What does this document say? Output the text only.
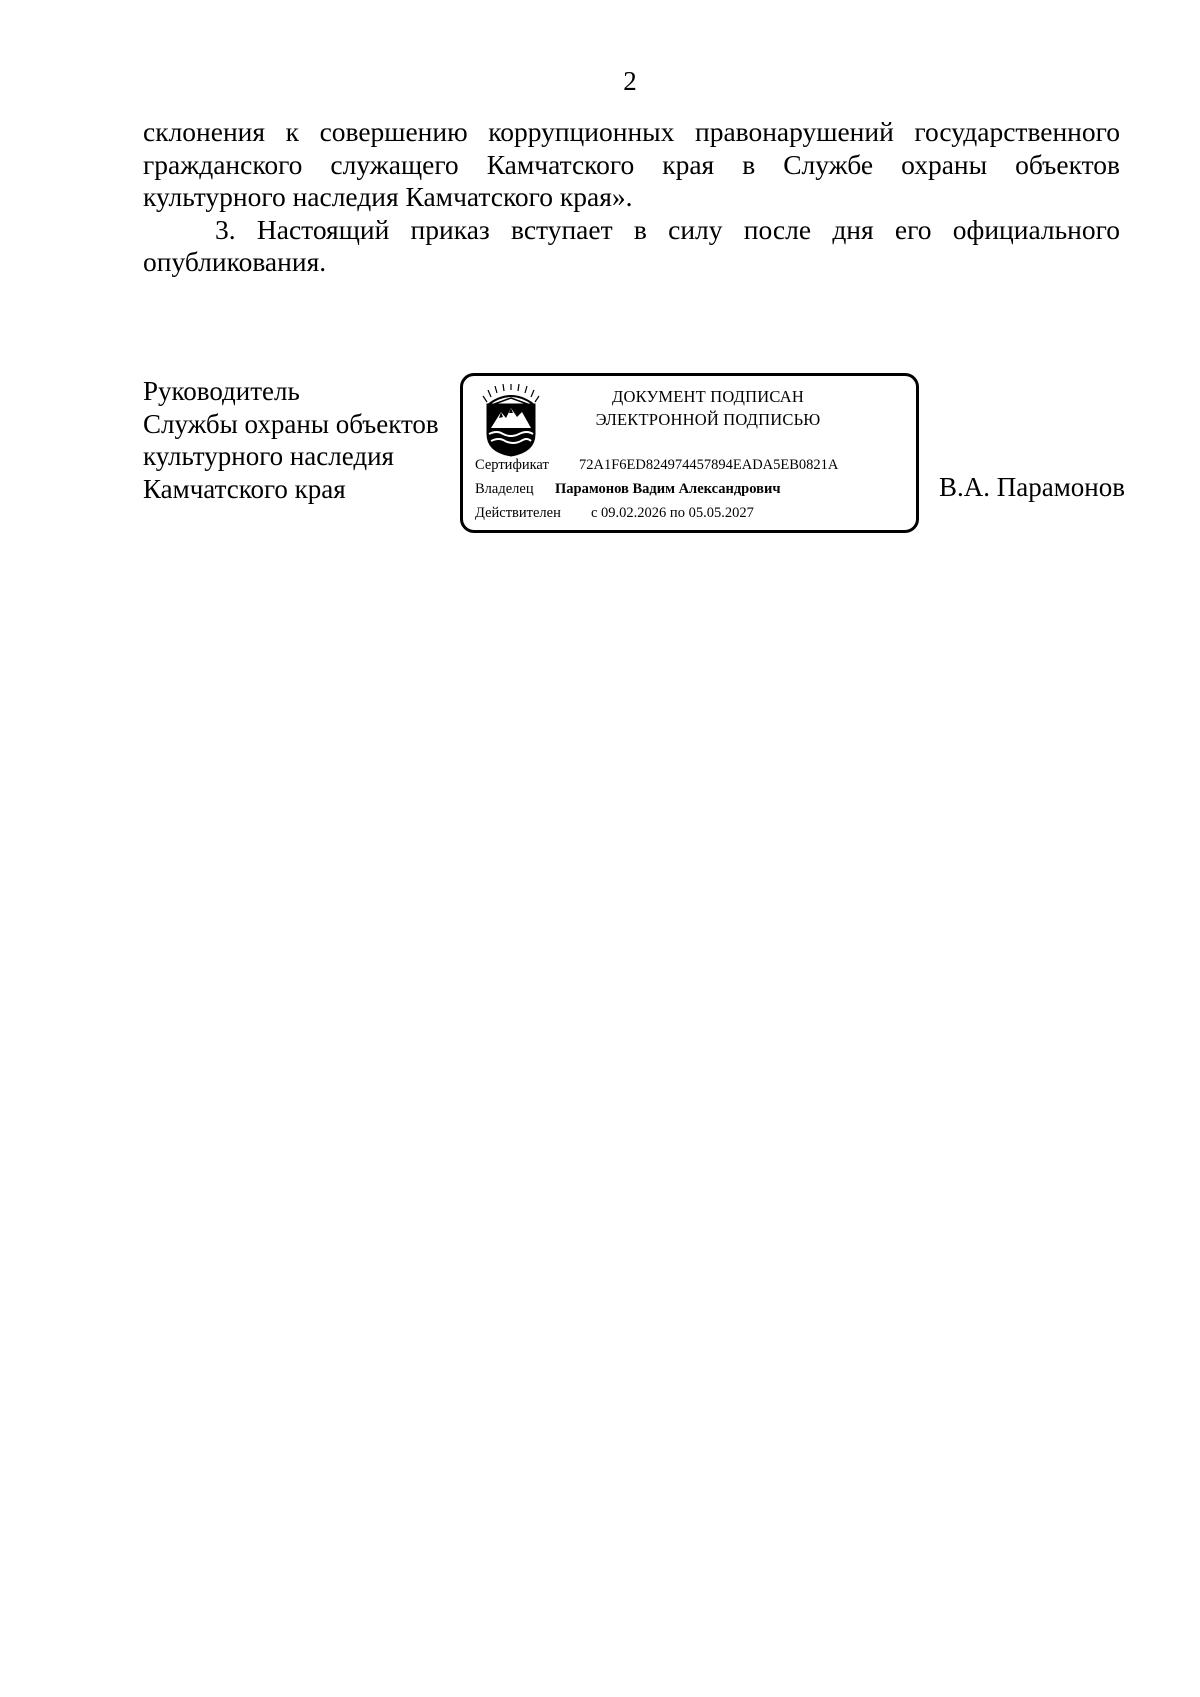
2

склонения к совершению коррупционных правонарушений государственного гражданского служащего Камчатского края в Службе охраны объектов культурного наследия Камчатского края».

3. Настоящий приказ вступает в силу после дня его официального опубликования.

Руководитель
Службы охраны объектов
культурного наследия
Камчатского края
ДОКУМЕНТ ПОДПИСАН
ЭЛЕКТРОННОЙ ПОДПИСЬЮ
Сертификат 72A1F6ED824974457894EADA5EB0821A
Владелец Парамонов Вадим Александрович
Действителен с 09.02.2026 по 05.05.2027
В.А. Парамонов
